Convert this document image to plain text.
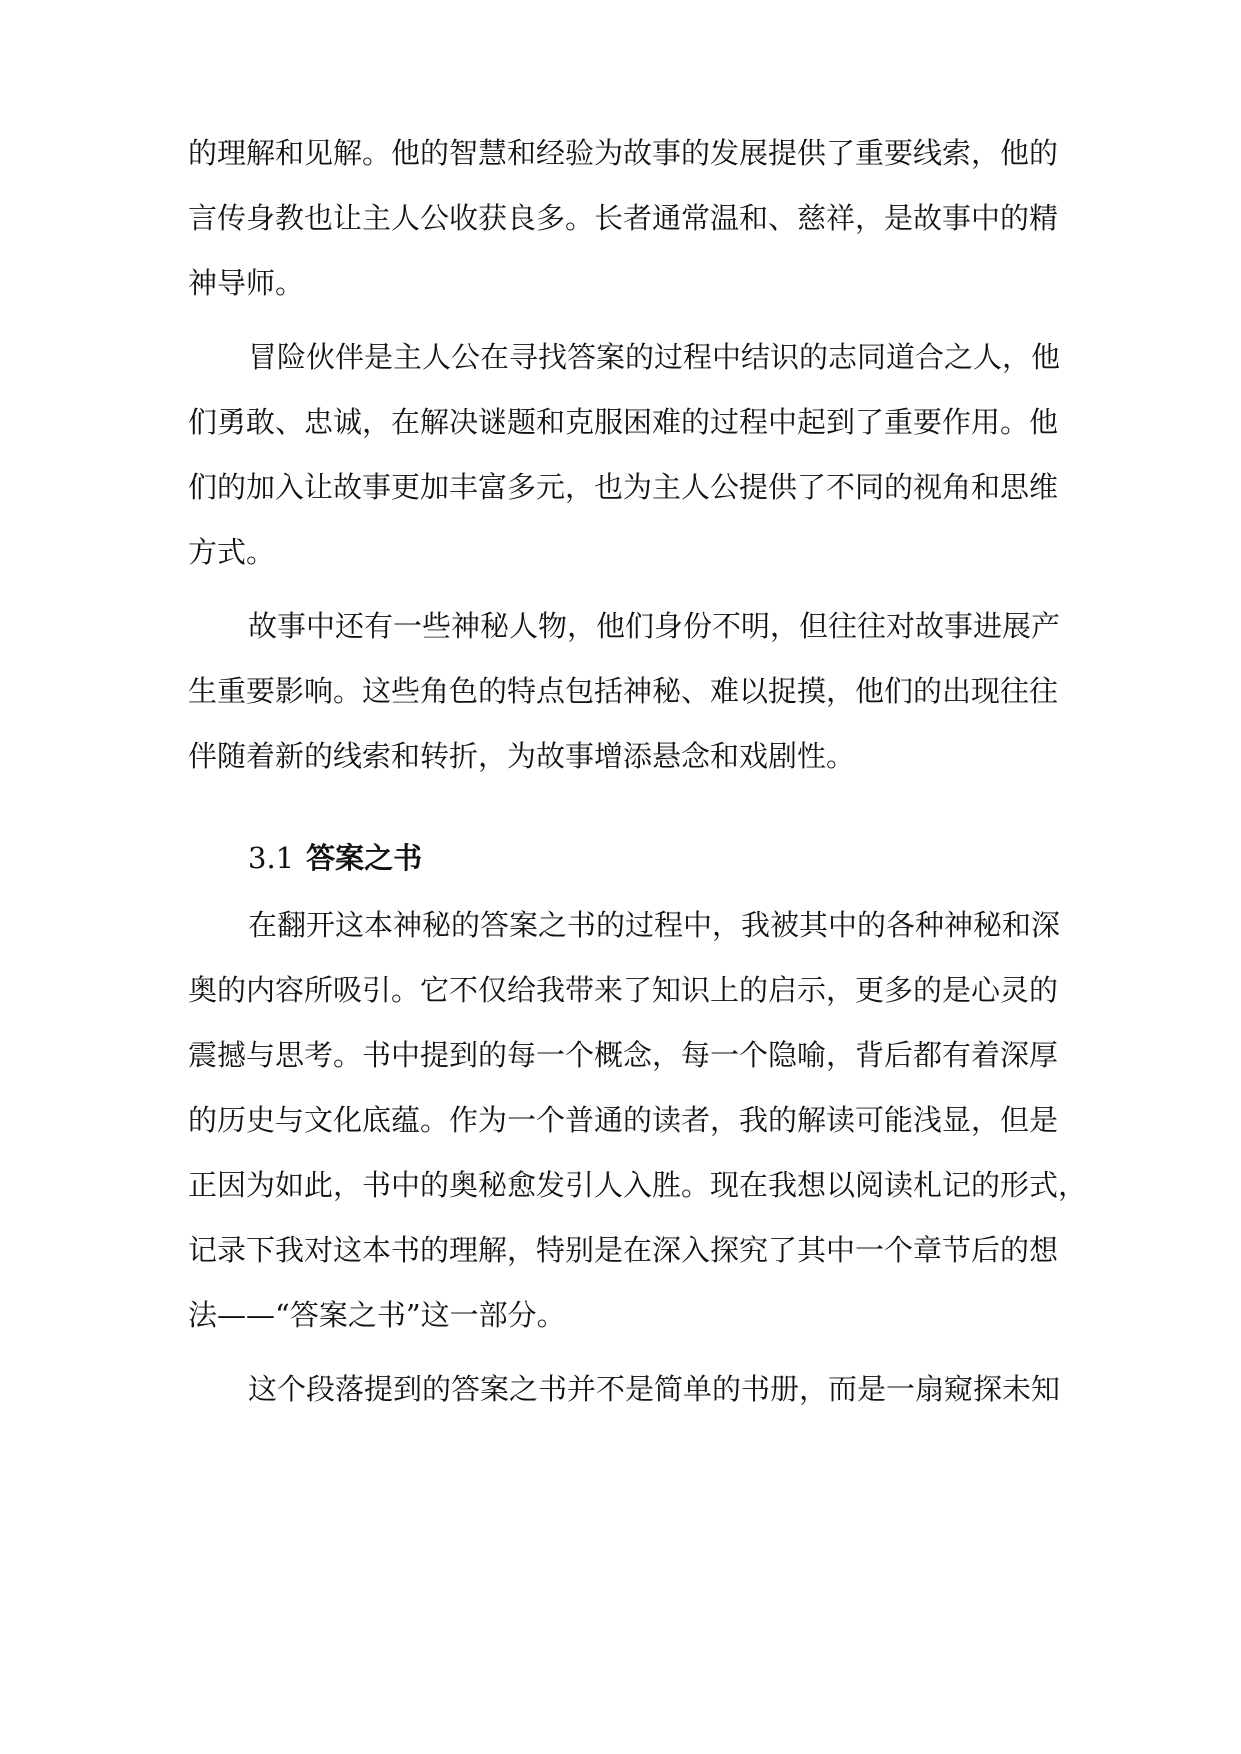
的理解和见解。他的智慧和经验为故事的发展提供了重要线索，他的
言传身教也让主人公收获良多。长者通常温和、慈祥，是故事中的精
神导师。
冒险伙伴是主人公在寻找答案的过程中结识的志同道合之人，他
们勇敢、忠诚，在解决谜题和克服困难的过程中起到了重要作用。他
们的加入让故事更加丰富多元，也为主人公提供了不同的视角和思维
方式。
故事中还有一些神秘人物，他们身份不明，但往往对故事进展产
生重要影响。这些角色的特点包括神秘、难以捉摸，他们的出现往往
伴随着新的线索和转折，为故事增添悬念和戏剧性。
3.1 答案之书
在翻开这本神秘的答案之书的过程中，我被其中的各种神秘和深
奥的内容所吸引。它不仅给我带来了知识上的启示，更多的是心灵的
震撼与思考。书中提到的每一个概念，每一个隐喻，背后都有着深厚
的历史与文化底蕴。作为一个普通的读者，我的解读可能浅显，但是
正因为如此，书中的奥秘愈发引人入胜。现在我想以阅读札记的形式，
记录下我对这本书的理解，特别是在深入探究了其中一个章节后的想
法——“答案之书”这一部分。
这个段落提到的答案之书并不是简单的书册，而是一扇窥探未知
